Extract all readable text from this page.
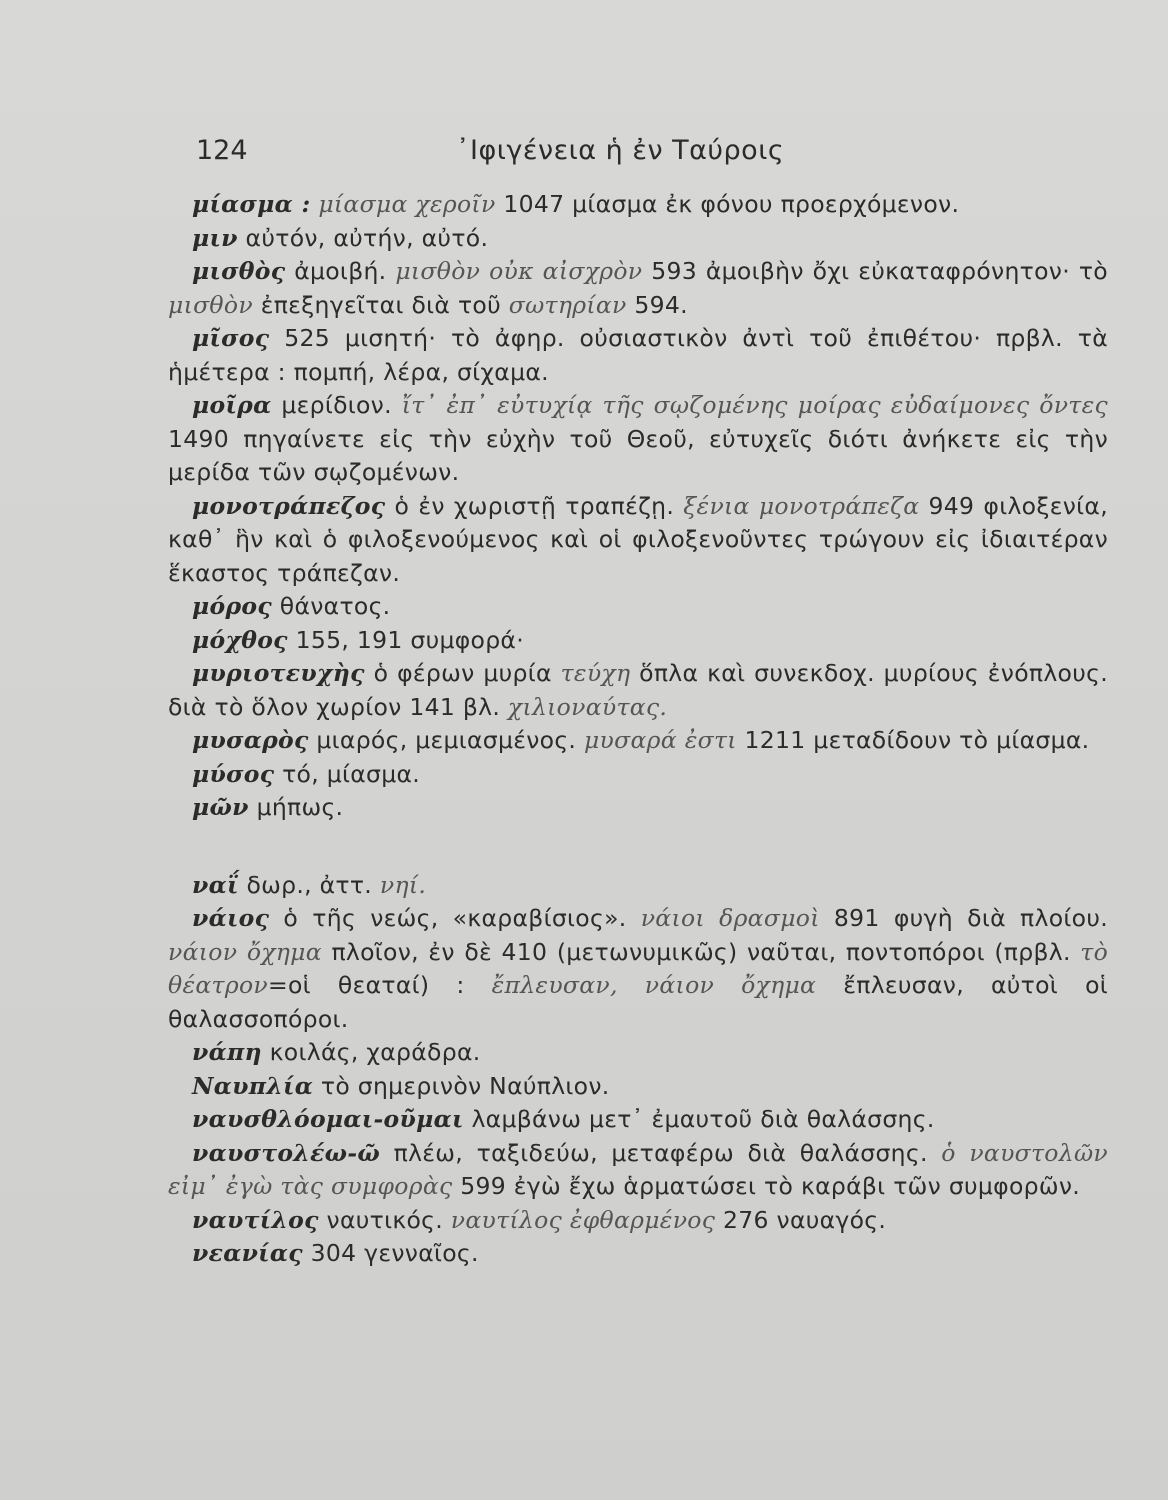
124	᾿Ιφιγένεια ἡ ἐν Ταύροις

μίασμα : μίασμα χεροῖν 1047 μίασμα ἐκ φόνου προερχόμενον.

μιν αὐτόν, αὐτήν, αὐτό.

μισθὸς ἀμοιβή. μισθὸν οὐκ αἰσχρὸν 593 ἀμοιβὴν ὄχι εὐκαταφρόνητον· τὸ μισθὸν ἐπεξηγεῖται διὰ τοῦ σωτηρίαν 594.

μῖσος 525 μισητή· τὸ ἀφηρ. οὐσιαστικὸν ἀντὶ τοῦ ἐπιθέτου· πρβλ. τὰ ἡμέτερα : πομπή, λέρα, σίχαμα.

μοῖρα μερίδιον. ἴτ᾿ ἐπ᾿ εὐτυχίᾳ τῆς σῳζομένης μοίρας εὐδαίμονες ὄντες 1490 πηγαίνετε εἰς τὴν εὐχὴν τοῦ Θεοῦ, εὐτυχεῖς διότι ἀνήκετε εἰς τὴν μερίδα τῶν σῳζομένων.

μονοτράπεζος ὁ ἐν χωριστῇ τραπέζῃ. ξένια μονοτράπεζα 949 φιλοξενία, καθ᾿ ἣν καὶ ὁ φιλοξενούμενος καὶ οἱ φιλοξενοῦντες τρώγουν εἰς ἰδιαιτέραν ἕκαστος τράπεζαν.

μόρος θάνατος.

μόχθος 155, 191 συμφορά·

μυριοτευχὴς ὁ φέρων μυρία τεύχη ὅπλα καὶ συνεκδοχ. μυρίους ἐνόπλους. διὰ τὸ ὅλον χωρίον 141 βλ. χιλιοναύτας.

μυσαρὸς μιαρός, μεμιασμένος. μυσαρά ἐστι 1211 μεταδίδουν τὸ μίασμα.

μύσος τό, μίασμα.

μῶν μήπως.

ναΐ δωρ., ἀττ. νηί.

νάιος ὁ τῆς νεώς, «καραβίσιος». νάιοι δρασμοὶ 891 φυγὴ διὰ πλοίου. νάιον ὄχημα πλοῖον, ἐν δὲ 410 (μετωνυμικῶς) ναῦται, ποντοπόροι (πρβλ. τὸ θέατρον=οἱ θεαταί) : ἔπλευσαν, νάιον ὄχημα ἔπλευσαν, αὐτοὶ οἱ θαλασσοπόροι.

νάπη κοιλάς, χαράδρα.

Ναυπλία τὸ σημερινὸν Ναύπλιον.

ναυσθλόομαι-οῦμαι λαμβάνω μετ᾿ ἐμαυτοῦ διὰ θαλάσσης.

ναυστολέω-ῶ πλέω, ταξιδεύω, μεταφέρω διὰ θαλάσσης. ὁ ναυστολῶν εἰμ᾿ ἐγὼ τὰς συμφορὰς 599 ἐγὼ ἔχω ἁρματώσει τὸ καράβι τῶν συμφορῶν.

ναυτίλος ναυτικός. ναυτίλος ἐφθαρμένος 276 ναυαγός.

νεανίας 304 γενναῖος.
